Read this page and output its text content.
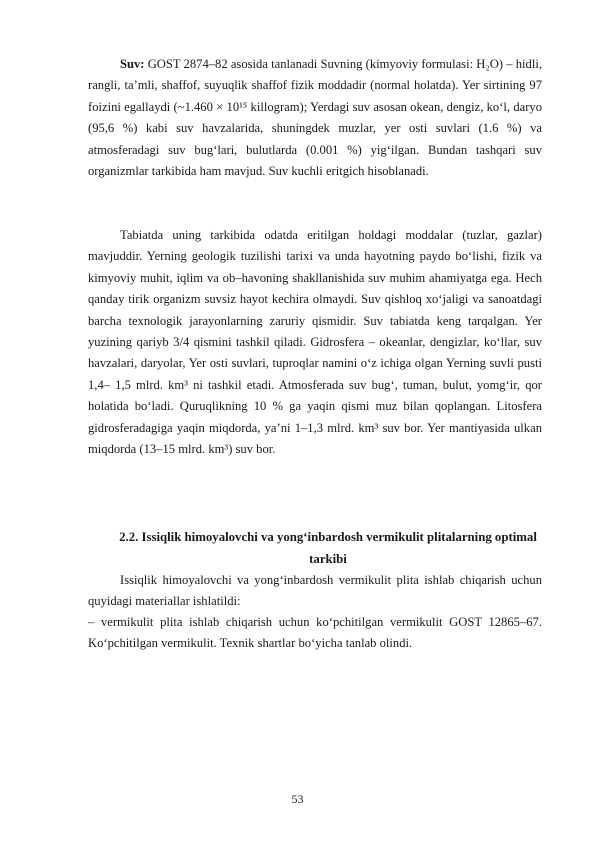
Suv: GOST 2874–82 asosida tanlanadi Suvning (kimyoviy formulasi: H₂O) – hidli, rangli, taʼmli, shaffof, suyuqlik shaffof fizik moddadir (normal holatda). Yer sirtining 97 foizini egallaydi (~1.460 × 10¹⁵ killogram); Yerdagi suv asosan okean, dengiz, ko‘l, daryo (95,6 %) kabi suv havzalarida, shuningdek muzlar, yer osti suvlari (1.6 %) va atmosferadagi suv bug‘lari, bulutlarda (0.001 %) yig‘ilgan. Bundan tashqari suv organizmlar tarkibida ham mavjud. Suv kuchli eritgich hisoblanadi.

Tabiatda uning tarkibida odatda eritilgan holdagi moddalar (tuzlar, gazlar) mavjuddir. Yerning geologik tuzilishi tarixi va unda hayotning paydo bo‘lishi, fizik va kimyoviy muhit, iqlim va ob–havoning shakllanishida suv muhim ahamiyatga ega. Hech qanday tirik organizm suvsiz hayot kechira olmaydi. Suv qishloq xo‘jaligi va sanoatdagi barcha texnologik jarayonlarning zaruriy qismidir. Suv tabiatda keng tarqalgan. Yer yuzining qariyb 3/4 qismini tashkil qiladi. Gidrosfera – okeanlar, dengizlar, ko‘llar, suv havzalari, daryolar, Yer osti suvlari, tuproqlar namini o‘z ichiga olgan Yerning suvli pusti 1,4– 1,5 mlrd. km³ ni tashkil etadi. Atmosferada suv bug‘, tuman, bulut, yomg‘ir, qor holatida bo‘ladi. Quruqlikning 10 % ga yaqin qismi muz bilan qoplangan. Litosfera gidrosferadagiga yaqin miqdorda, yaʼni 1–1,3 mlrd. km³ suv bor. Yer mantiyasida ulkan miqdorda (13–15 mlrd. km³) suv bor.

2.2. Issiqlik himoyalovchi va yong‘inbardosh vermikulit plitalarning optimal tarkibi

Issiqlik himoyalovchi va yong‘inbardosh vermikulit plita ishlab chiqarish uchun quyidagi materiallar ishlatildi:

– vermikulit plita ishlab chiqarish uchun ko‘pchitilgan vermikulit GOST 12865–67. Ko‘pchitilgan vermikulit. Texnik shartlar bo‘yicha tanlab olindi.

53
